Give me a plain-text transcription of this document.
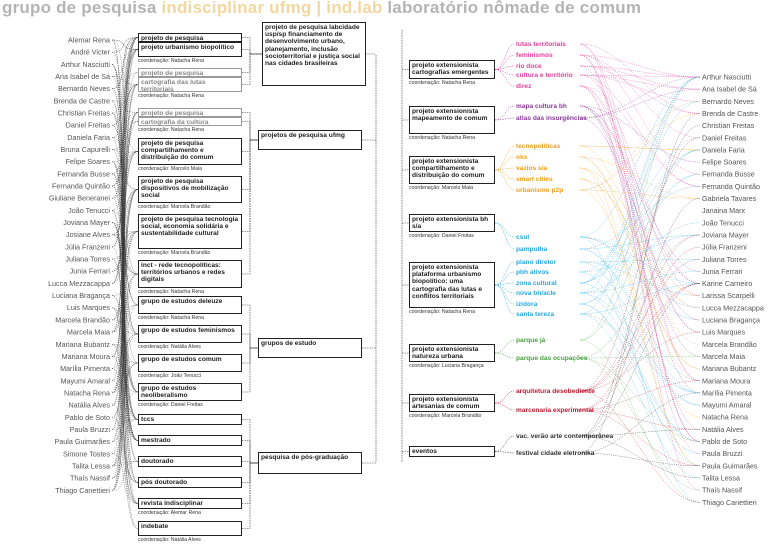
grupo de pesquisa indisciplinar ufmg | ind.lab laboratório nômade de comum
Alemar Rena
André Victer
Arthur Nasciutti
Ana Isabel de Sá
Bernardo Neves
Brenda de Castre
Christian Freitas
Daniel Freitas
Daniela Faria
Bruna Capurelli
Felipe Soares
Fernanda Busse
Fernanda Quintão
Giuliane Beneranei
João Tenucci
Joviana Mayer
Josiane Alves
Júlia Franzeni
Juliana Torres
Junia Ferrari
Lucca Mezzacappa
Luciana Bragança
Luis Marques
Marcela Brandão
Marcela Maia
Mariana Bubantz
Mariana Moura
Marília Pimenta
Mayumi Amaral
Natacha Rena
Natália Alves
Pablo de Soto
Paula Bruzzi
Paula Guimarães
Simone Tostes
Talita Lessa
Thaís Nassif
Thiago Canettieri
Arthur Nasciutti
Ana Isabel de Sá
Bernardo Neves
Brenda de Castre
Christian Freitas
Daniel Freitas
Daniela Faria
Felipe Soares
Fernanda Busse
Fernanda Quintão
Gabriela Tavares
Janaina Marx
João Tenucci
Joviana Mayer
Júlia Franzeni
Juliana Torres
Junia Ferrari
Karine Carneiro
Larissa Scarpelli
Lucca Mezzacappa
Luciana Bragança
Luis Marques
Marcela Brandão
Marcela Maia
Mariana Bubantz
Mariana Moura
Marília Pimenta
Mayumi Amaral
Natacha Rena
Natália Alves
Pablo de Soto
Paula Bruzzi
Paula Guimarães
Talita Lessa
Thaís Nassif
Thiago Canettieri
projeto de pesquisa
projeto urbanismo biopolítico
coordenação: Natacha Rena
projeto de pesquisa
cartografia das lutas territoriais
coordenação: Natacha Rena
projeto de pesquisa
cartografia da cultura
coordenação: Natacha Rena
projeto de pesquisa compartilhamento e distribuição do comum
coordenação: Marcelo Maia
projeto de pesquisa dispositivos de mobilização social
coordenação: Marcela Brandão
projeto de pesquisa tecnologia social, economia solidária e sustentabilidade cultural
coordenação: Marcela Brandão
inct - rede tecnopolíticas: territórios urbanos e redes digitais
coordenação: Natacha Rena
grupo de estudos deleuze
coordenação: Natacha Rena
grupo de estudos feminismos
coordenação: Natália Alves
grupo de estudos comum
coordenação: João Tenucci
grupo de estudos neoliberalismo
coordenação: Daniel Freitas
tccs
mestrado
doutorado
pós doutorado
revista indisciplinar
coordenação: Alemar Rena
indebate
coordenação: Natália Alves
projeto de pesquisa labcidade usp/sp financiamento de desenvolvimento urbano, planejamento, inclusão socioterritorial e justiça social nas cidades brasileiras
projetos de pesquisa ufmg
grupos de estudo
pesquisa de pós-graduação
projeto extensionista cartografias emergentes
coordenação: Natacha Rena
projeto extensionista mapeamento de comum
coordenação: Natacha Rena
projeto extensionista compartilhamento e distribuição do comum
coordenação: Marcelo Maia
projeto extensionista bh s/a
coordenação: Daniel Freitas
projeto extensionista plataforma urbanismo biopolítico: uma cartografia das lutas e conflitos territoriais
coordenação: Natacha Rena
projeto extensionista natureza urbana
coordenação: Luciana Bragança
projeto extensionista artesanias de comum
coordenação: Marcela Brandão
eventos
lutas territoriais
feminismos
rio doce
cultura e território
direz
mapa cultura bh
atlas das insurgências
tecnopolíticas
oks
vazios s/a
smart cities
urbanismo p2p
csul
pampulha
plano diretor
pbh ativos
zona cultural
nova bh/acle
izidora
santa tereza
parque já
parque das ocupações
arquitetura desobediente
marcenaria experimental
vac. verão arte contemporânea
festival cidade eletronika
